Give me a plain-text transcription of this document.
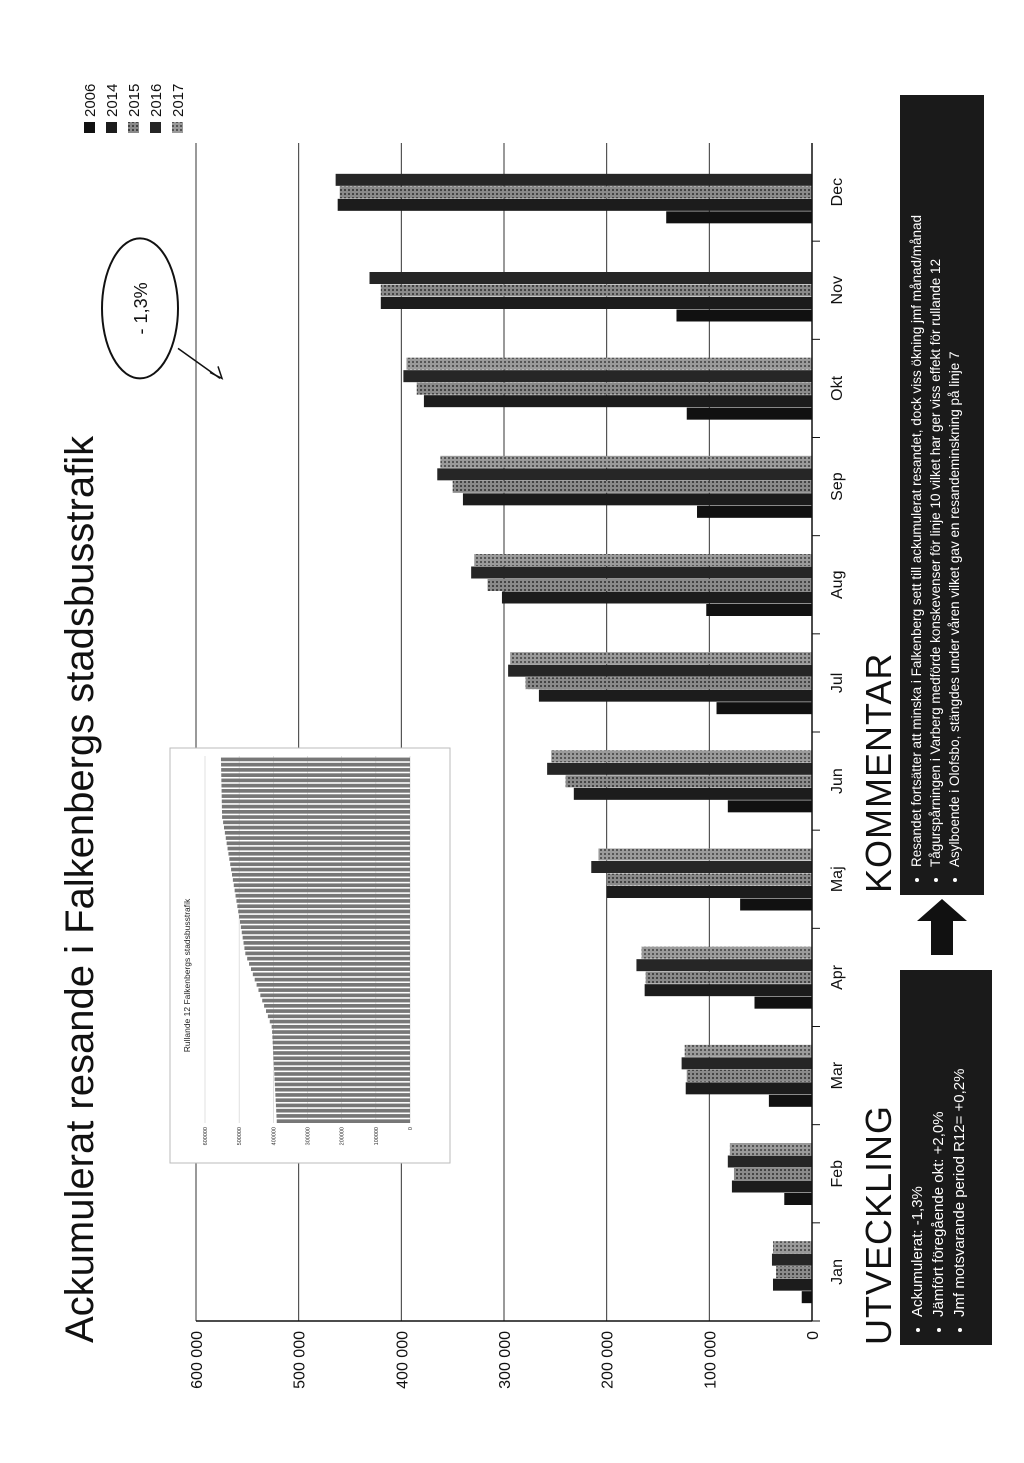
Ackumulerat resande i Falkenbergs stadsbusstrafik	Rullande 12 Falkenbergs stadsbusstrafik
0
100000
200000
300000
400000
500000
600000
0
100 000
200 000
300 000
400 000
500 000
600 000
Jan
Feb
Mar
Apr
Maj
Jun
Jul
Aug
Sep
Okt
Nov
Dec
2006 2014 2015 2016 2017
- 1,3%
UTVECKLING • Ackumulerat: -1,3% • Jämfört föregående okt: +2,0% • Jmf motsvarande period R12= +0,2%
KOMMENTAR • Resandet fortsätter att minska i Falkenberg sett till ackumulerat resandet, dock viss ökning jmf månad/månad • Tågurspårningen i Varberg medförde konskevenser för linje 10 vilket har ger viss effekt för rullande 12 • Asylboende i Olofsbo, stängdes under våren vilket gav en resandeminskning på linje 7
